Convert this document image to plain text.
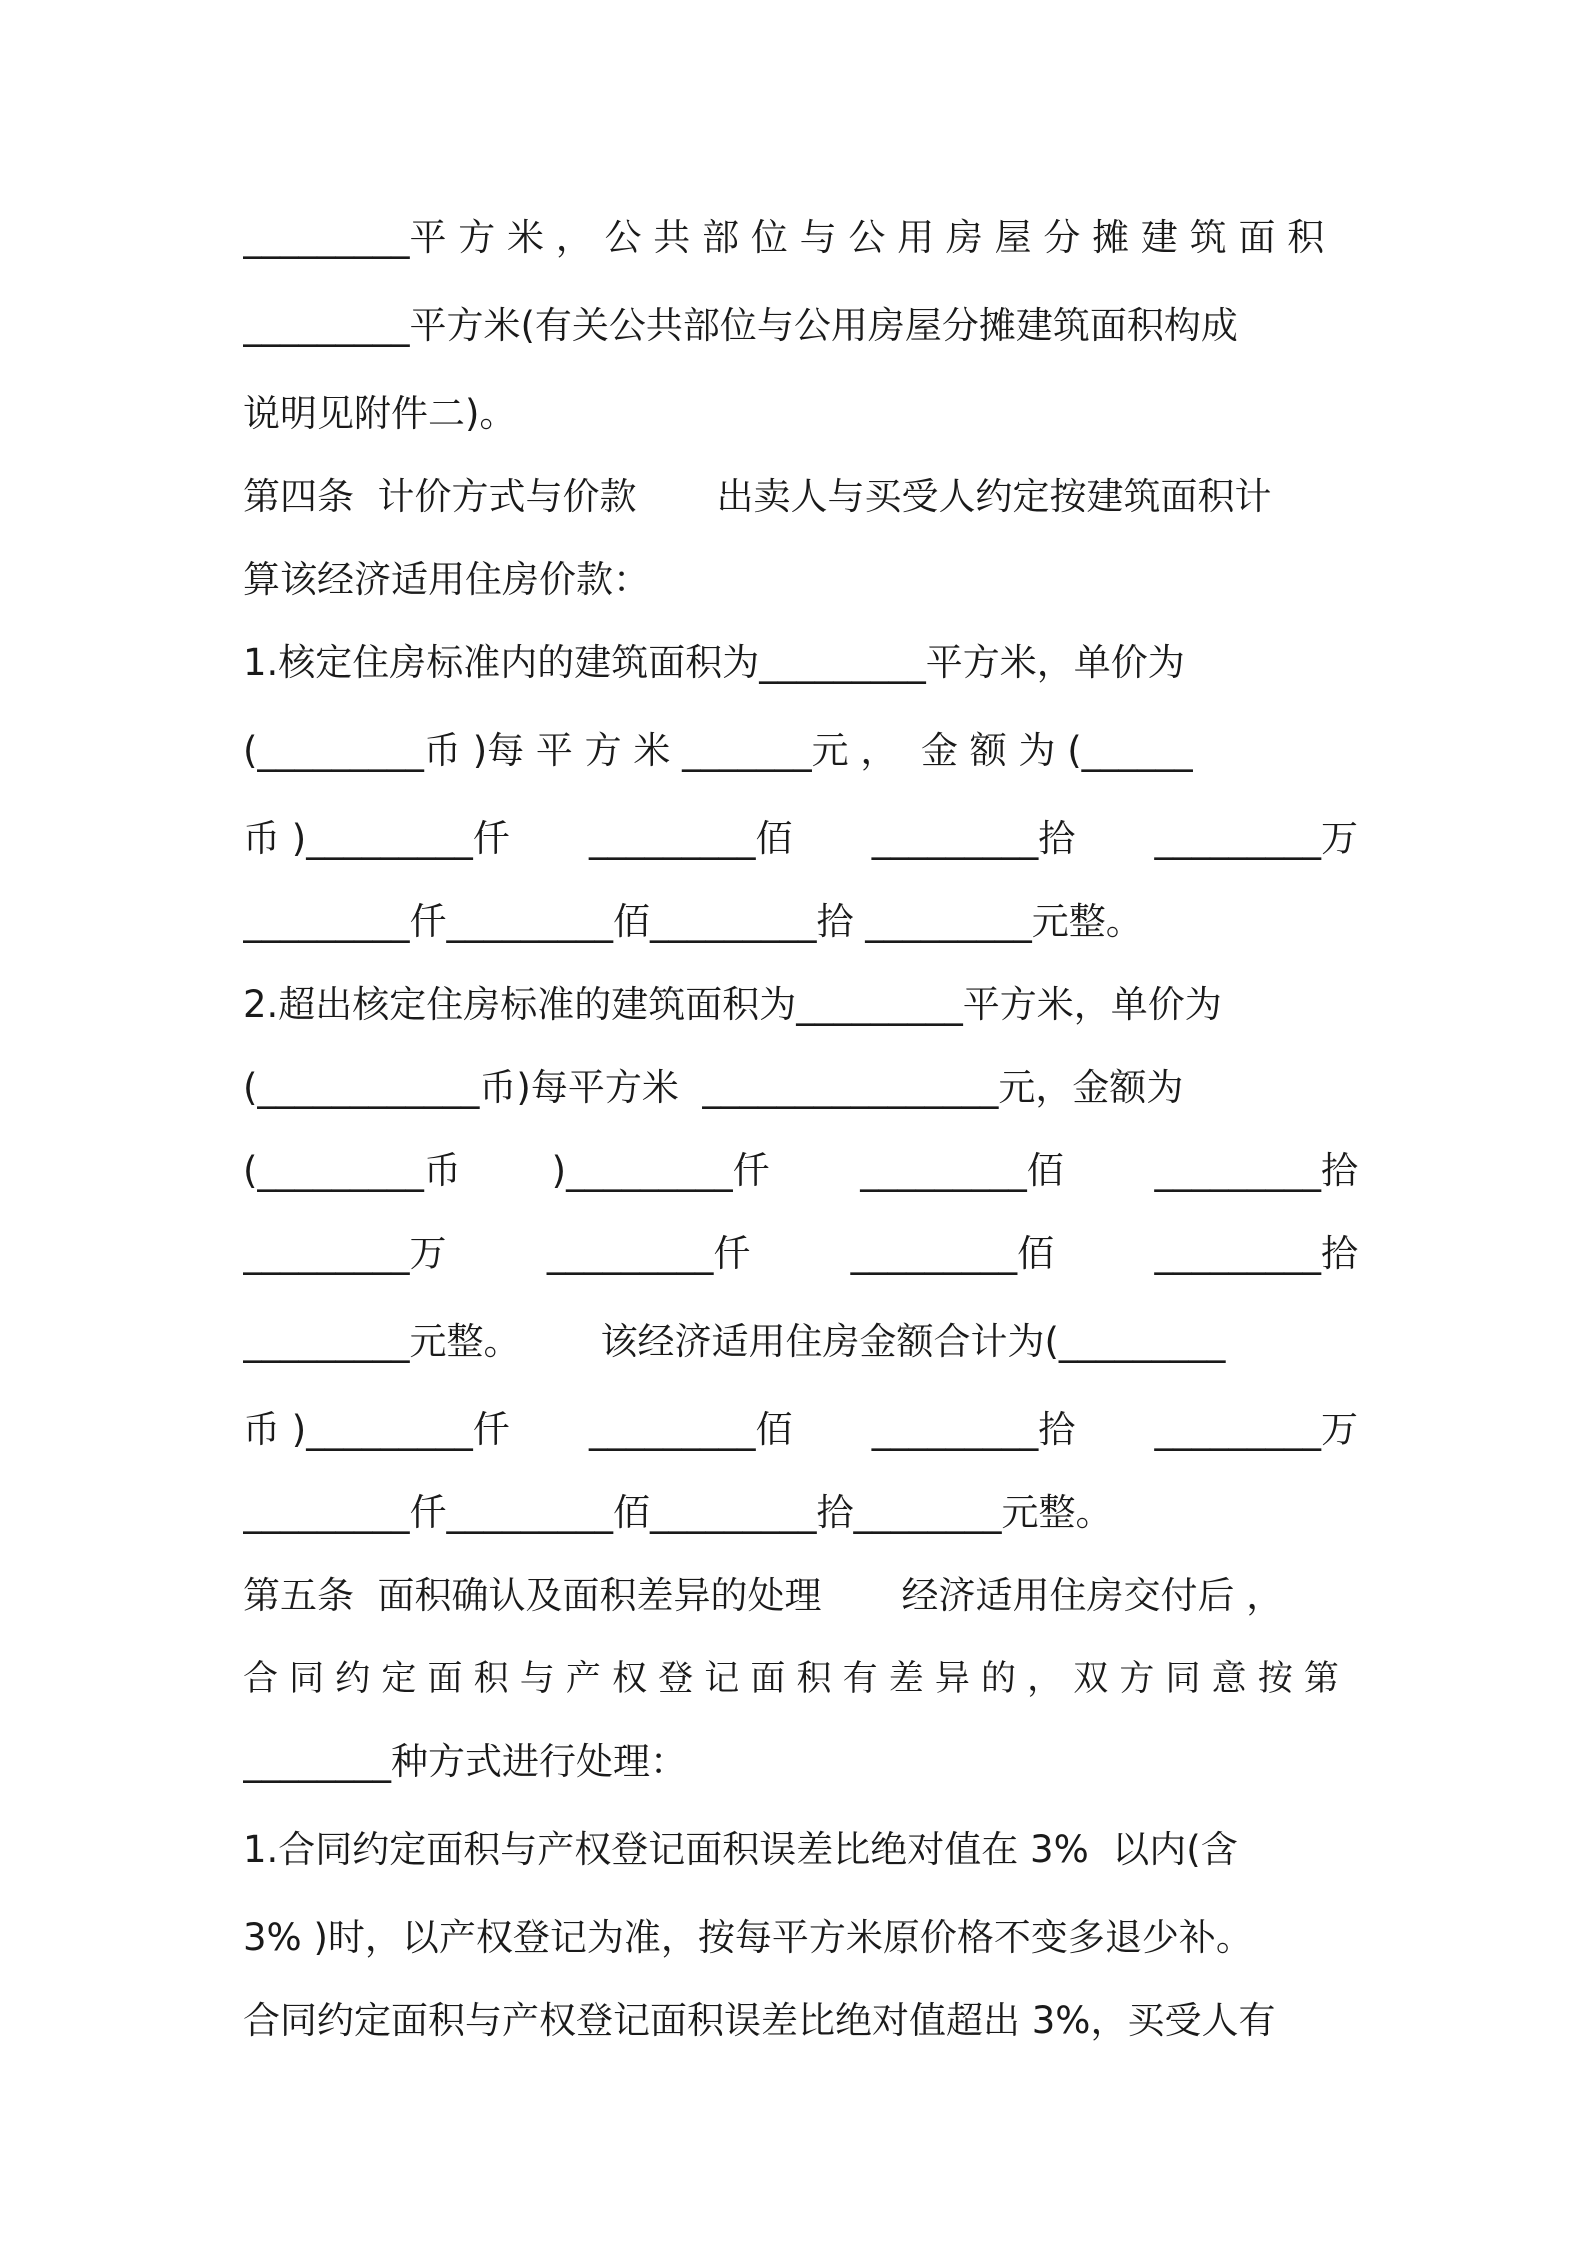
_________平 方 米 ， 公 共 部 位 与 公 用 房 屋 分 摊 建 筑 面 积
_________平方米(有关公共部位与公用房屋分摊建筑面积构成
说明见附件二)。
第四条  计价方式与价款 出卖人与买受人约定按建筑面积计
算该经济适用住房价款：
1.核定住房标准内的建筑面积为_________平方米，单价为
(_________币 )每 平 方 米 _______元 ，  金 额 为 (______
币 )_________仟 _________佰 _________拾 _________万
_________仟_________佰_________拾 _________元整。
2.超出核定住房标准的建筑面积为_________平方米，单价为
(____________币)每平方米  ________________元，金额为
(_________币 )_________仟 _________佰 _________拾
_________万	_________仟	_________佰	_________拾
_________元整。 该经济适用住房金额合计为(_________
币 )_________仟 _________佰 _________拾 _________万
_________仟_________佰_________拾________元整。
第五条  面积确认及面积差异的处理 经济适用住房交付后 ，
合 同 约 定 面 积 与 产 权 登 记 面 积 有 差 异 的 ， 双 方 同 意 按 第
________种方式进行处理：
1.合同约定面积与产权登记面积误差比绝对值在 3%  以内(含
3% )时，以产权登记为准，按每平方米原价格不变多退少补。
合同约定面积与产权登记面积误差比绝对值超出 3%，买受人有
